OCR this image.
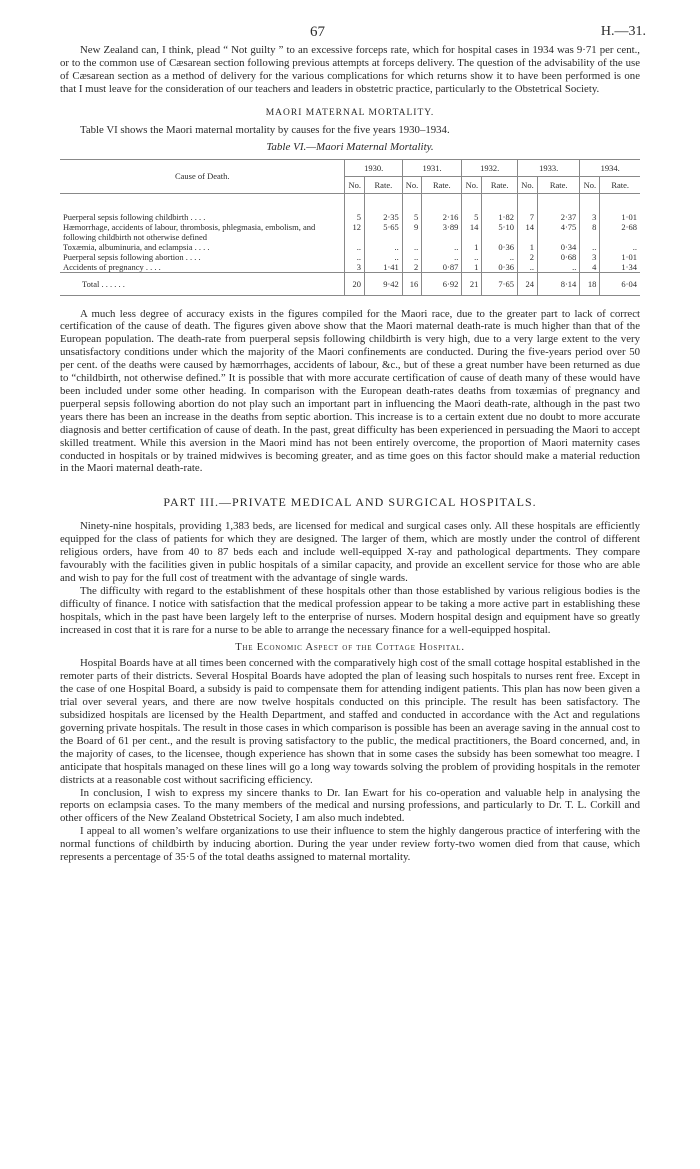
67	H.—31.

New Zealand can, I think, plead “ Not guilty ” to an excessive forceps rate, which for hospital cases in 1934 was 9·71 per cent., or to the common use of Cæsarean section following previous attempts at forceps delivery. The question of the advisability of the use of Cæsarean section as a method of delivery for the various complications for which returns show it to have been performed is one that I must leave for the consideration of our teachers and leaders in obstetric practice, particularly to the Obstetrical Society.

MAORI MATERNAL MORTALITY.

Table VI shows the Maori maternal mortality by causes for the five years 1930–1934.

Table VI.—Maori Maternal Mortality.
Cause of Death.	1930.		1931.		1932.		1933.		1934.	
	No.	Rate.	No.	Rate.	No.	Rate.	No.	Rate.	No.	Rate.
Puerperal sepsis following childbirth . . . .	5	2·35	5	2·16	5	1·82	7	2·37	3	1·01
Hæmorrhage, accidents of labour, thrombosis, phlegmasia, embolism, and following childbirth not otherwise defined	12	5·65	9	3·89	14	5·10	14	4·75	8	2·68
Toxæmia, albuminuria, and eclampsia . . . .	..	..	..	..	1	0·36	1	0·34	..	..
Puerperal sepsis following abortion . . . .	..	..	..	..	..	..	2	0·68	3	1·01
Accidents of pregnancy . . . .	3	1·41	2	0·87	1	0·36	..	..	4	1·34
Total . . . . . .	20	9·42	16	6·92	21	7·65	24	8·14	18	6·04

A much less degree of accuracy exists in the figures compiled for the Maori race, due to the greater part to lack of correct certification of the cause of death. The figures given above show that the Maori maternal death-rate is much higher than that of the European population. The death-rate from puerperal sepsis following childbirth is very high, due to a very large extent to the very unsatisfactory conditions under which the majority of the Maori confinements are conducted. During the five-years period over 50 per cent. of the deaths were caused by hæmorrhages, accidents of labour, &c., but of these a great number have been returned as due to “childbirth, not otherwise defined.” It is possible that with more accurate certification of cause of death many of these would have been included under some other heading. In comparison with the European death-rates deaths from toxæmias of pregnancy and puerperal sepsis following abortion do not play such an important part in influencing the Maori death-rate, although in the past two years there has been an increase in the deaths from septic abortion. This increase is to a certain extent due no doubt to more accurate diagnosis and better certification of cause of death. In the past, great difficulty has been experienced in persuading the Maori to accept skilled treatment. While this aversion in the Maori mind has not been entirely overcome, the proportion of Maori maternity cases conducted in hospitals or by trained midwives is becoming greater, and as time goes on this factor should make a material reduction in the Maori maternal death-rate.

PART III.—PRIVATE MEDICAL AND SURGICAL HOSPITALS.

Ninety-nine hospitals, providing 1,383 beds, are licensed for medical and surgical cases only. All these hospitals are efficiently equipped for the class of patients for which they are designed. The larger of them, which are mostly under the control of different religious orders, have from 40 to 87 beds each and include well-equipped X-ray and pathological departments. They compare favourably with the facilities given in public hospitals of a similar capacity, and provide an excellent service for those who are able and wish to pay for the full cost of treatment with the advantage of single wards.

The difficulty with regard to the establishment of these hospitals other than those established by various religious bodies is the difficulty of finance. I notice with satisfaction that the medical profession appear to be taking a more active part in establishing these hospitals, which in the past have been largely left to the enterprise of nurses. Modern hospital design and equipment have so greatly increased in cost that it is rare for a nurse to be able to arrange the necessary finance for a well-equipped hospital.

The Economic Aspect of the Cottage Hospital.

Hospital Boards have at all times been concerned with the comparatively high cost of the small cottage hospital established in the remoter parts of their districts. Several Hospital Boards have adopted the plan of leasing such hospitals to nurses rent free. Except in the case of one Hospital Board, a subsidy is paid to compensate them for attending indigent patients. This plan has now been given a trial over several years, and there are now twelve hospitals conducted on this principle. The result has been satisfactory. The subsidized hospitals are licensed by the Health Department, and staffed and conducted in accordance with the Act and regulations governing private hospitals. The result in those cases in which comparison is possible has been an average saving in the annual cost to the Board of 61 per cent., and the result is proving satisfactory to the public, the medical practitioners, the Board concerned, and, in the majority of cases, to the licensee, though experience has shown that in some cases the subsidy has been somewhat too meagre. I anticipate that hospitals managed on these lines will go a long way towards solving the problem of providing hospitals in the remoter districts at a reasonable cost without sacrificing efficiency.

In conclusion, I wish to express my sincere thanks to Dr. Ian Ewart for his co-operation and valuable help in analysing the reports on eclampsia cases. To the many members of the medical and nursing professions, and particularly to Dr. T. L. Corkill and other officers of the New Zealand Obstetrical Society, I am also much indebted.

I appeal to all women’s welfare organizations to use their influence to stem the highly dangerous practice of interfering with the normal functions of childbirth by inducing abortion. During the year under review forty-two women died from that cause, which represents a percentage of 35·5 of the total deaths assigned to maternal mortality.
